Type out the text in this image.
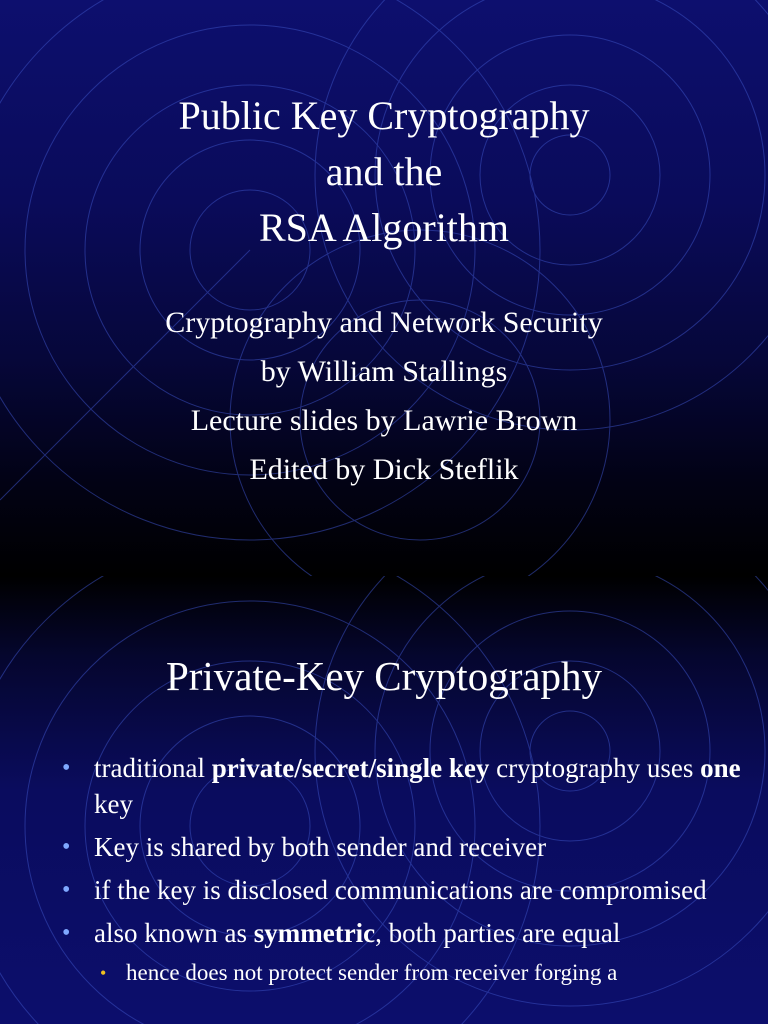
Public Key Cryptography
and the
RSA Algorithm
Cryptography and Network Security
by William Stallings
Lecture slides by Lawrie Brown
Edited by Dick Steflik
Private-Key Cryptography
• traditional private/secret/single key cryptography uses one key
• Key is shared by both sender and receiver
• if the key is disclosed communications are compromised
• also known as symmetric, both parties are equal
• hence does not protect sender from receiver forging a
